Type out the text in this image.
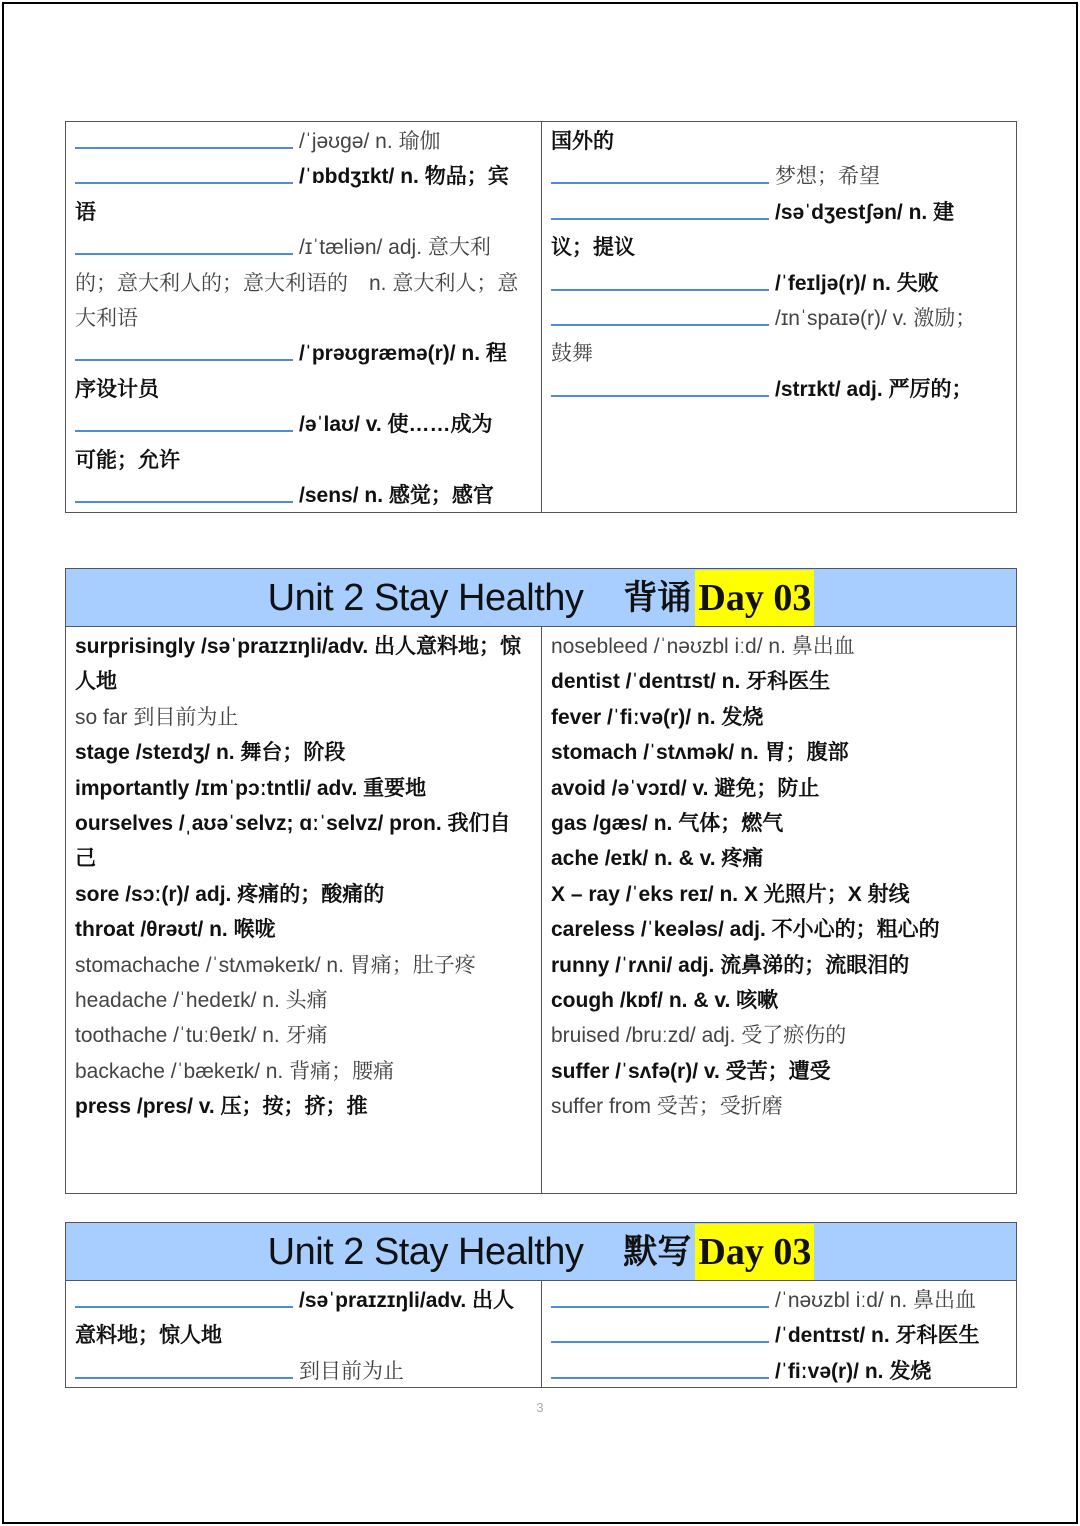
/ˈjəʊɡə/ n. 瑜伽
/ˈɒbdʒɪkt/ n. 物品；宾
语
/ɪˈtæliən/ adj. 意大利
的；意大利人的；意大利语的　n. 意大利人；意
大利语
/ˈprəʊɡræmə(r)/ n. 程
序设计员
/əˈlaʊ/ v. 使……成为
可能；允许
/sens/ n. 感觉；感官
国外的
梦想；希望
/səˈdʒestʃən/ n. 建
议；提议
/ˈfeɪljə(r)/ n. 失败
/ɪnˈspaɪə(r)/ v. 激励；
鼓舞
/strɪkt/ adj. 严厉的；
Unit 2 Stay Healthy 背诵 Day 03
surprisingly /səˈpraɪzɪŋli/adv. 出人意料地；惊
人地
so far 到目前为止
stage /steɪdʒ/ n. 舞台；阶段
importantly /ɪmˈpɔːtntli/ adv. 重要地
ourselves /ˌaʊəˈselvz; ɑːˈselvz/ pron. 我们自
己
sore /sɔː(r)/ adj. 疼痛的；酸痛的
throat /θrəʊt/ n. 喉咙
stomachache /ˈstʌməkeɪk/ n. 胃痛；肚子疼
headache /ˈhedeɪk/ n. 头痛
toothache /ˈtuːθeɪk/ n. 牙痛
backache /ˈbækeɪk/ n. 背痛；腰痛
press /pres/ v. 压；按；挤；推
nosebleed /ˈnəʊzbl iːd/ n. 鼻出血
dentist /ˈdentɪst/ n. 牙科医生
fever /ˈfiːvə(r)/ n. 发烧
stomach /ˈstʌmək/ n. 胃；腹部
avoid /əˈvɔɪd/ v. 避免；防止
gas /ɡæs/ n. 气体；燃气
ache /eɪk/ n. & v. 疼痛
X – ray /ˈeks reɪ/ n. X 光照片；X 射线
careless /ˈkeələs/ adj. 不小心的；粗心的
runny /ˈrʌni/ adj. 流鼻涕的；流眼泪的
cough /kɒf/ n. & v. 咳嗽
bruised /bruːzd/ adj. 受了瘀伤的
suffer /ˈsʌfə(r)/ v. 受苦；遭受
suffer from 受苦；受折磨
Unit 2 Stay Healthy 默写 Day 03
/səˈpraɪzɪŋli/adv. 出人
意料地；惊人地
到目前为止
/ˈnəʊzbl iːd/ n. 鼻出血
/ˈdentɪst/ n. 牙科医生
/ˈfiːvə(r)/ n. 发烧
3
